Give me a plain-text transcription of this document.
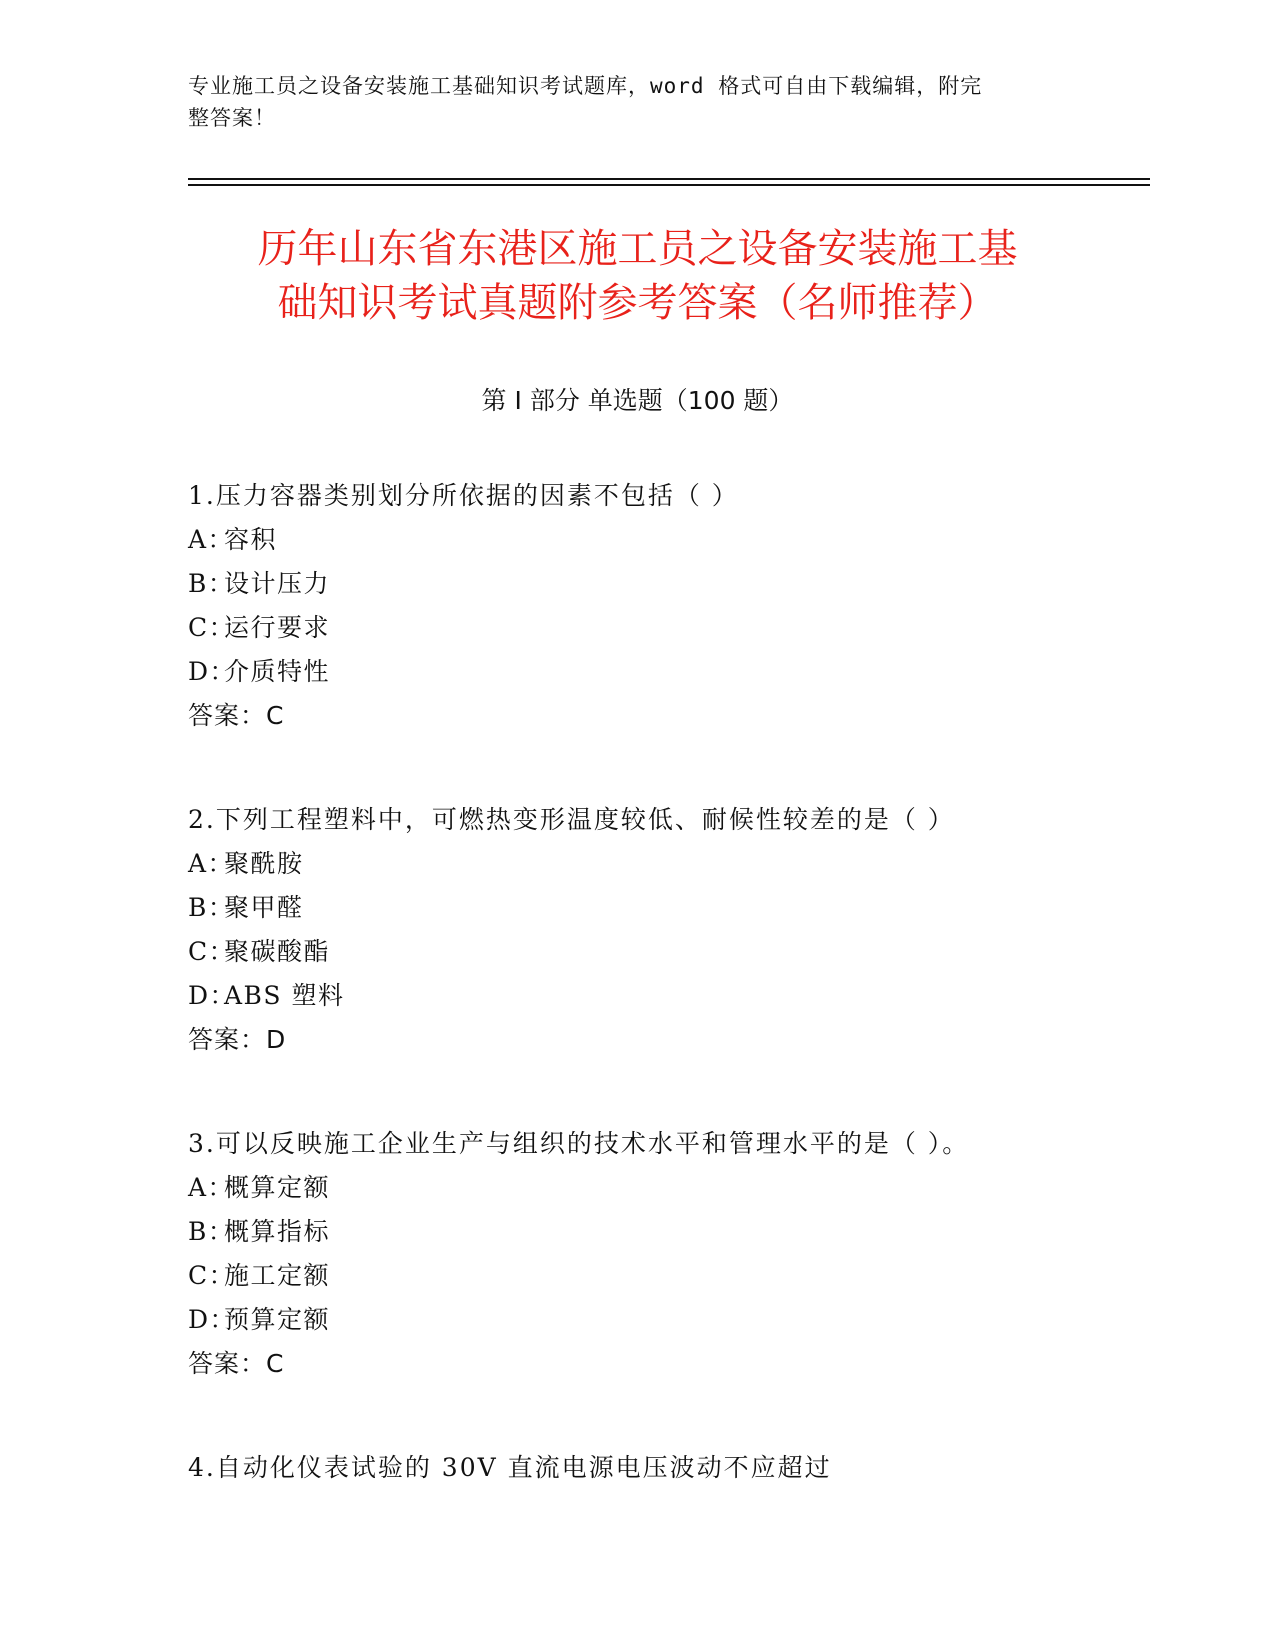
专业施工员之设备安装施工基础知识考试题库，word 格式可自由下载编辑，附完
整答案！
历年山东省东港区施工员之设备安装施工基
础知识考试真题附参考答案（名师推荐）
第 I 部分 单选题（100 题）
1.压力容器类别划分所依据的因素不包括（ ）
A：容积
B：设计压力
C：运行要求
D：介质特性
答案：C
2.下列工程塑料中，可燃热变形温度较低、耐候性较差的是（ ）
A：聚酰胺
B：聚甲醛
C：聚碳酸酯
D：ABS 塑料
答案：D
3.可以反映施工企业生产与组织的技术水平和管理水平的是（ ）。
A：概算定额
B：概算指标
C：施工定额
D：预算定额
答案：C
4.自动化仪表试验的 30V 直流电源电压波动不应超过
